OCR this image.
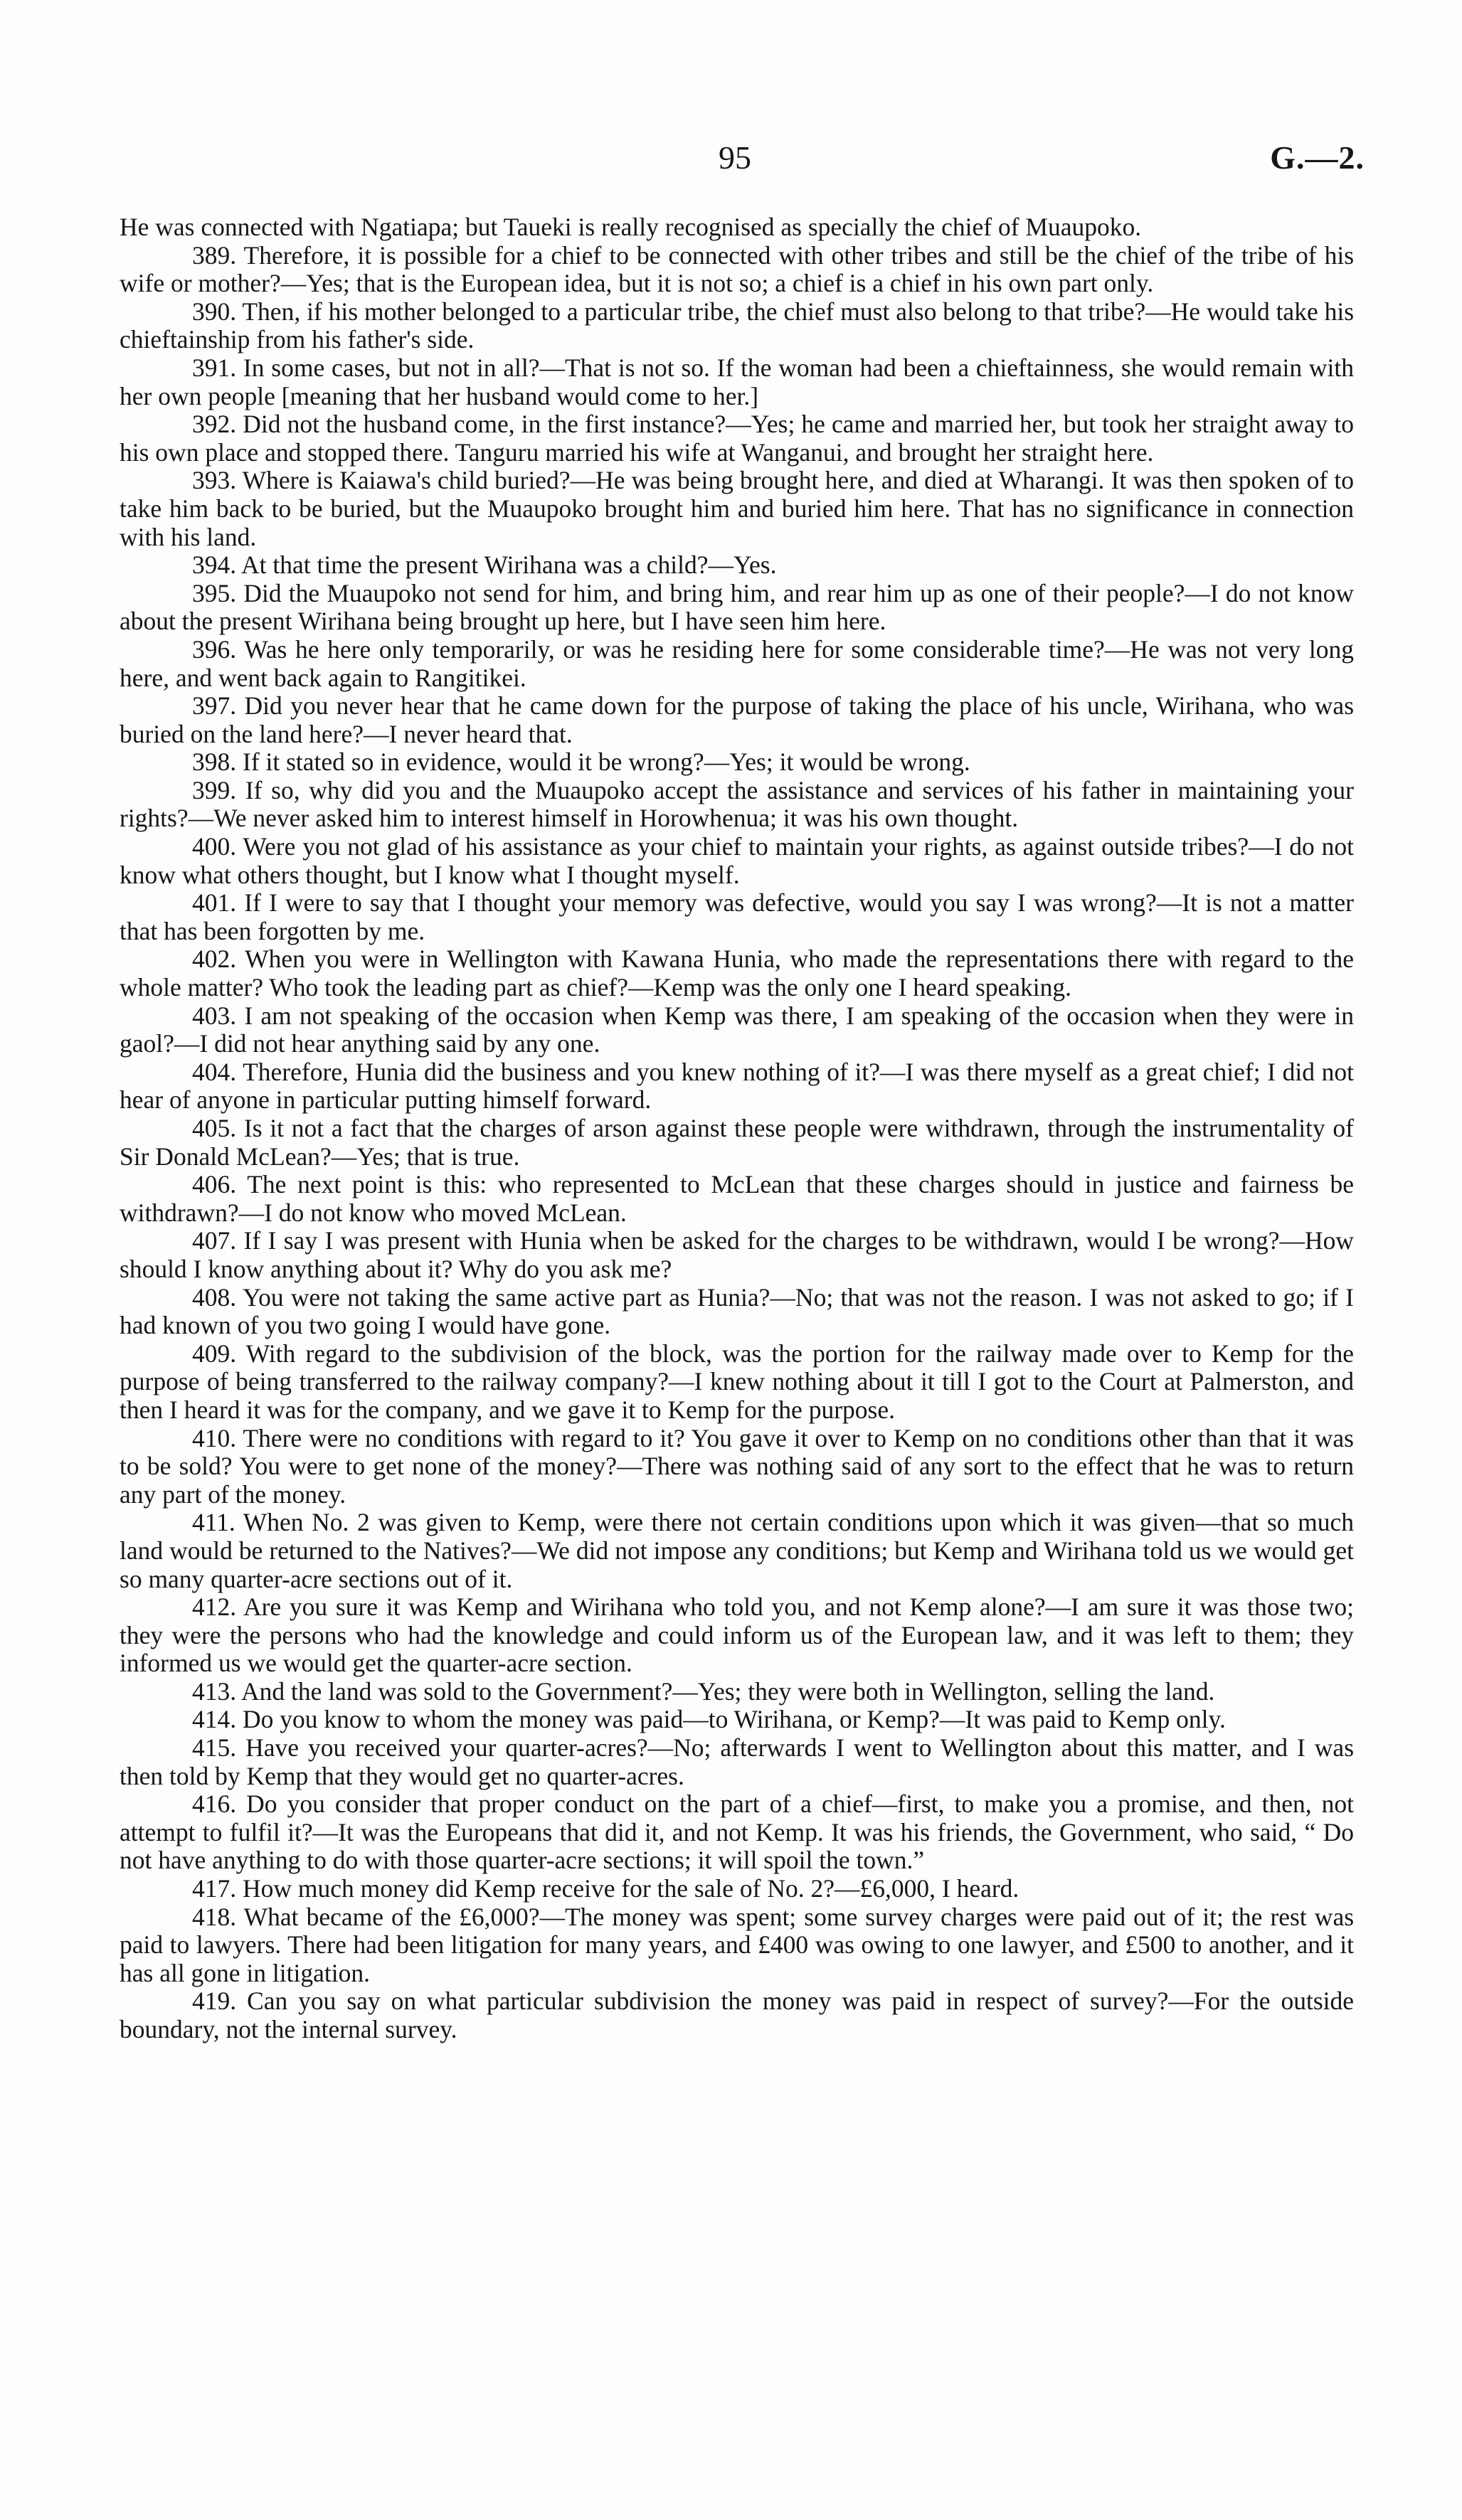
95	G.—2.

He was connected with Ngatiapa; but Taueki is really recognised as specially the chief of Muaupoko.

389. Therefore, it is possible for a chief to be connected with other tribes and still be the chief of the tribe of his wife or mother?—Yes; that is the European idea, but it is not so; a chief is a chief in his own part only.

390. Then, if his mother belonged to a particular tribe, the chief must also belong to that tribe?—He would take his chieftainship from his father's side.

391. In some cases, but not in all?—That is not so. If the woman had been a chieftainness, she would remain with her own people [meaning that her husband would come to her.]

392. Did not the husband come, in the first instance?—Yes; he came and married her, but took her straight away to his own place and stopped there. Tanguru married his wife at Wanganui, and brought her straight here.

393. Where is Kaiawa's child buried?—He was being brought here, and died at Wharangi. It was then spoken of to take him back to be buried, but the Muaupoko brought him and buried him here. That has no significance in connection with his land.

394. At that time the present Wirihana was a child?—Yes.

395. Did the Muaupoko not send for him, and bring him, and rear him up as one of their people?—I do not know about the present Wirihana being brought up here, but I have seen him here.

396. Was he here only temporarily, or was he residing here for some considerable time?—He was not very long here, and went back again to Rangitikei.

397. Did you never hear that he came down for the purpose of taking the place of his uncle, Wirihana, who was buried on the land here?—I never heard that.

398. If it stated so in evidence, would it be wrong?—Yes; it would be wrong.

399. If so, why did you and the Muaupoko accept the assistance and services of his father in maintaining your rights?—We never asked him to interest himself in Horowhenua; it was his own thought.

400. Were you not glad of his assistance as your chief to maintain your rights, as against outside tribes?—I do not know what others thought, but I know what I thought myself.

401. If I were to say that I thought your memory was defective, would you say I was wrong?—It is not a matter that has been forgotten by me.

402. When you were in Wellington with Kawana Hunia, who made the representations there with regard to the whole matter? Who took the leading part as chief?—Kemp was the only one I heard speaking.

403. I am not speaking of the occasion when Kemp was there, I am speaking of the occasion when they were in gaol?—I did not hear anything said by any one.

404. Therefore, Hunia did the business and you knew nothing of it?—I was there myself as a great chief; I did not hear of anyone in particular putting himself forward.

405. Is it not a fact that the charges of arson against these people were withdrawn, through the instrumentality of Sir Donald McLean?—Yes; that is true.

406. The next point is this: who represented to McLean that these charges should in justice and fairness be withdrawn?—I do not know who moved McLean.

407. If I say I was present with Hunia when be asked for the charges to be withdrawn, would I be wrong?—How should I know anything about it? Why do you ask me?

408. You were not taking the same active part as Hunia?—No; that was not the reason. I was not asked to go; if I had known of you two going I would have gone.

409. With regard to the subdivision of the block, was the portion for the railway made over to Kemp for the purpose of being transferred to the railway company?—I knew nothing about it till I got to the Court at Palmerston, and then I heard it was for the company, and we gave it to Kemp for the purpose.

410. There were no conditions with regard to it? You gave it over to Kemp on no conditions other than that it was to be sold? You were to get none of the money?—There was nothing said of any sort to the effect that he was to return any part of the money.

411. When No. 2 was given to Kemp, were there not certain conditions upon which it was given—that so much land would be returned to the Natives?—We did not impose any conditions; but Kemp and Wirihana told us we would get so many quarter-acre sections out of it.

412. Are you sure it was Kemp and Wirihana who told you, and not Kemp alone?—I am sure it was those two; they were the persons who had the knowledge and could inform us of the European law, and it was left to them; they informed us we would get the quarter-acre section.

413. And the land was sold to the Government?—Yes; they were both in Wellington, selling the land.

414. Do you know to whom the money was paid—to Wirihana, or Kemp?—It was paid to Kemp only.

415. Have you received your quarter-acres?—No; afterwards I went to Wellington about this matter, and I was then told by Kemp that they would get no quarter-acres.

416. Do you consider that proper conduct on the part of a chief—first, to make you a promise, and then, not attempt to fulfil it?—It was the Europeans that did it, and not Kemp. It was his friends, the Government, who said, “ Do not have anything to do with those quarter-acre sections; it will spoil the town.”

417. How much money did Kemp receive for the sale of No. 2?—£6,000, I heard.

418. What became of the £6,000?—The money was spent; some survey charges were paid out of it; the rest was paid to lawyers. There had been litigation for many years, and £400 was owing to one lawyer, and £500 to another, and it has all gone in litigation.

419. Can you say on what particular subdivision the money was paid in respect of survey?—For the outside boundary, not the internal survey.
